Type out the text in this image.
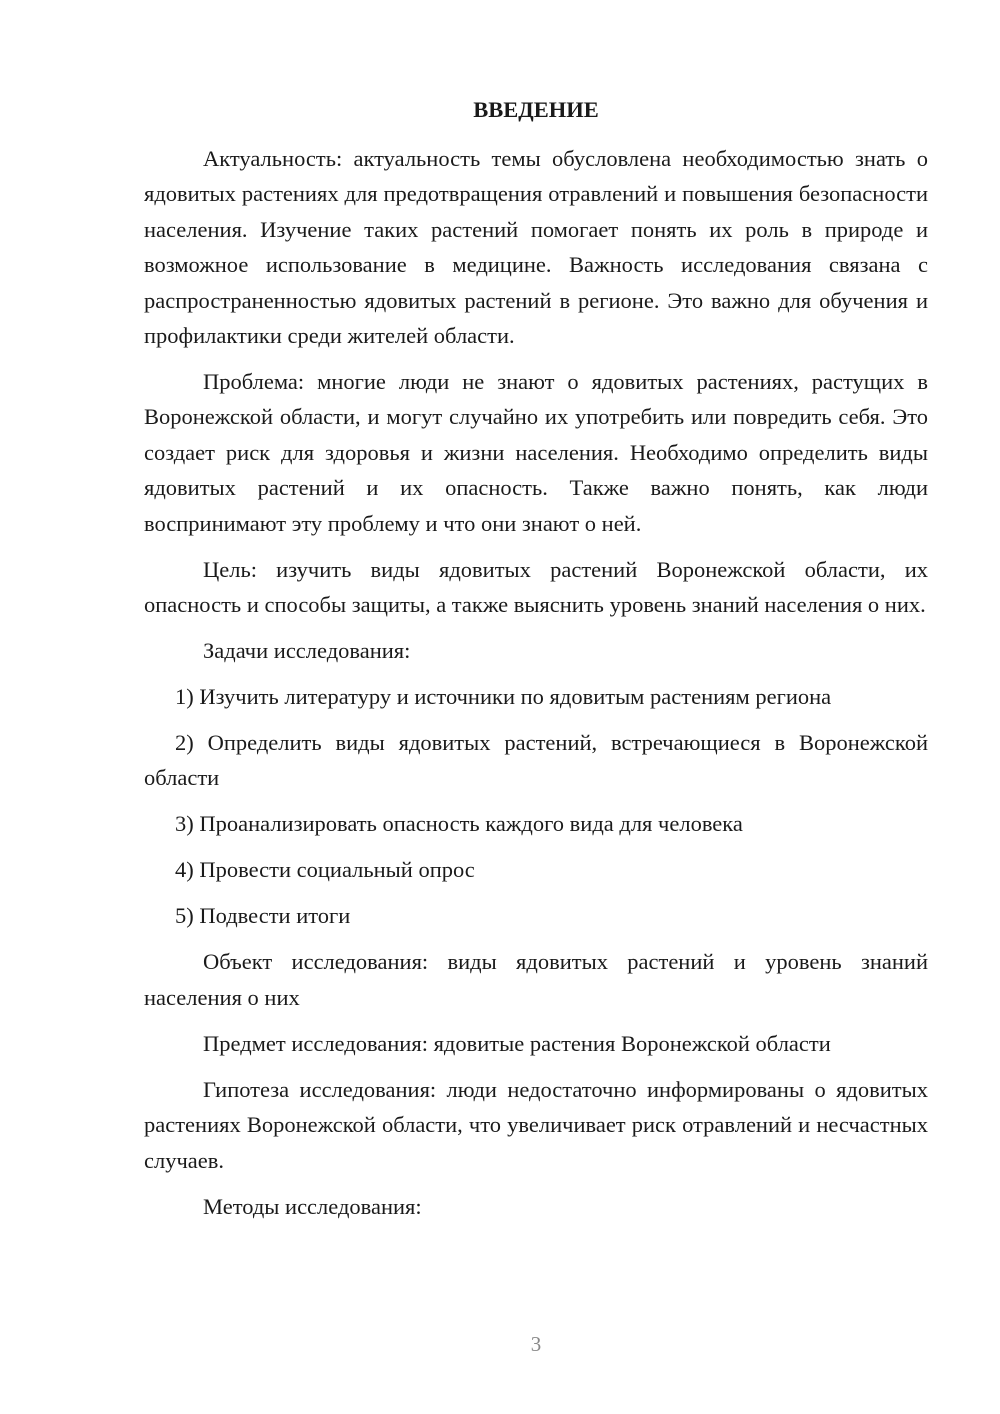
ВВЕДЕНИЕ

Актуальность: актуальность темы обусловлена необходимостью знать о ядовитых растениях для предотвращения отравлений и повышения безопасности населения. Изучение таких растений помогает понять их роль в природе и возможное использование в медицине. Важность исследования связана с распространенностью ядовитых растений в регионе. Это важно для обучения и профилактики среди жителей области.

Проблема: многие люди не знают о ядовитых растениях, растущих в Воронежской области, и могут случайно их употребить или повредить себя. Это создает риск для здоровья и жизни населения. Необходимо определить виды ядовитых растений и их опасность. Также важно понять, как люди воспринимают эту проблему и что они знают о ней.

Цель: изучить виды ядовитых растений Воронежской области, их опасность и способы защиты, а также выяснить уровень знаний населения о них.

Задачи исследования:

1) Изучить литературу и источники по ядовитым растениям региона

2) Определить виды ядовитых растений, встречающиеся в Воронежской области

3) Проанализировать опасность каждого вида для человека

4) Провести социальный опрос

5) Подвести итоги

Объект исследования: виды ядовитых растений и уровень знаний населения о них

Предмет исследования: ядовитые растения Воронежской области

Гипотеза исследования: люди недостаточно информированы о ядовитых растениях Воронежской области, что увеличивает риск отравлений и несчастных случаев.

Методы исследования:

3
